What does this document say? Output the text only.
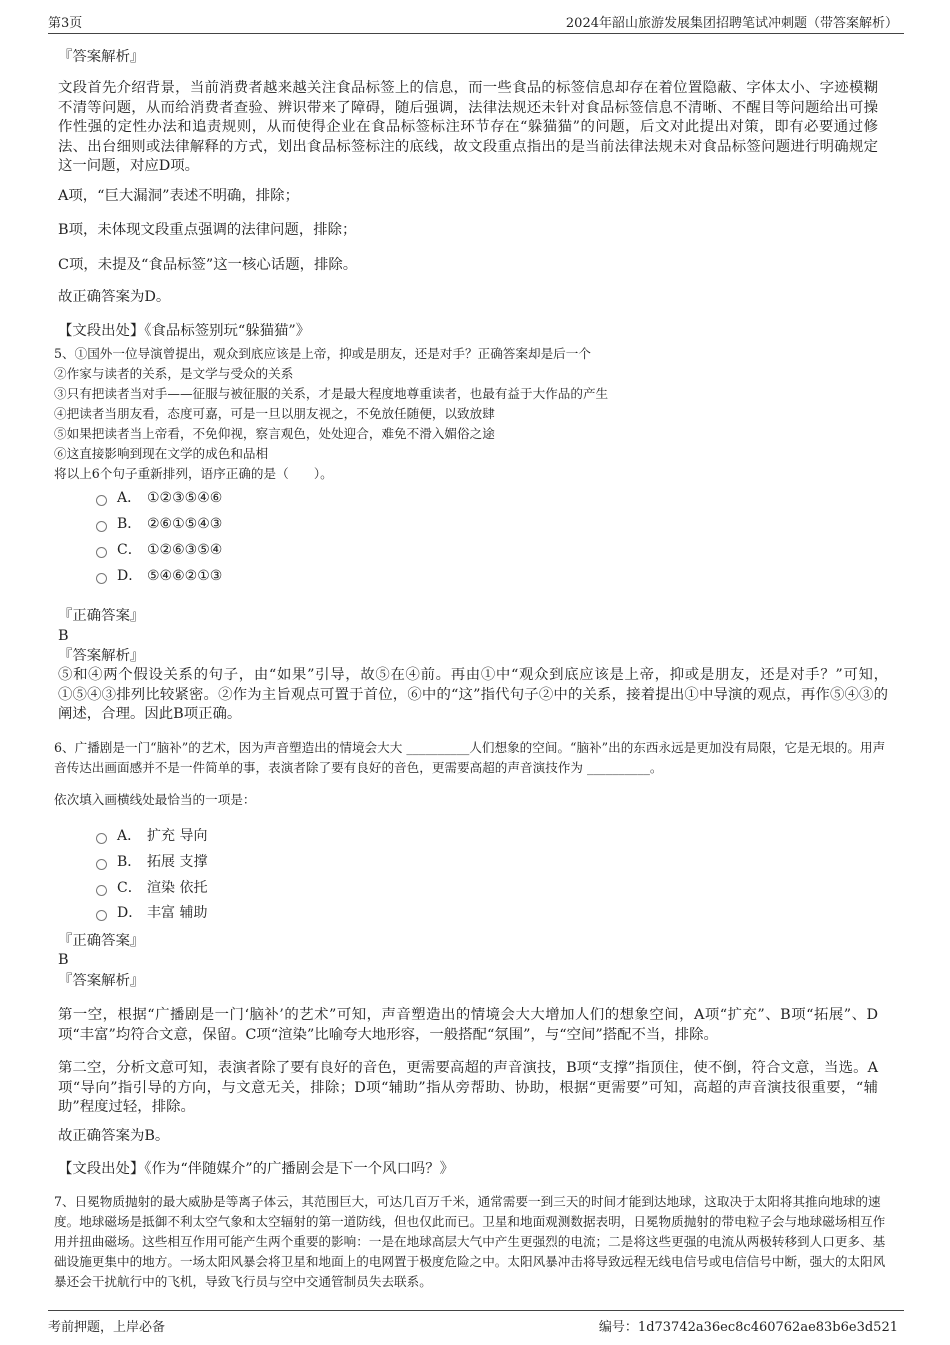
第3页	2024年韶山旅游发展集团招聘笔试冲刺题（带答案解析）

『答案解析』

文段首先介绍背景，当前消费者越来越关注食品标签上的信息，而一些食品的标签信息却存在着位置隐蔽、字体太小、字迹模糊不清等问题，从而给消费者查验、辨识带来了障碍，随后强调，法律法规还未针对食品标签信息不清晰、不醒目等问题给出可操作性强的定性办法和追责规则，从而使得企业在食品标签标注环节存在“躲猫猫”的问题，后文对此提出对策，即有必要通过修法、出台细则或法律解释的方式，划出食品标签标注的底线，故文段重点指出的是当前法律法规未对食品标签问题进行明确规定这一问题，对应D项。

A项，“巨大漏洞”表述不明确，排除；

B项，未体现文段重点强调的法律问题，排除；

C项，未提及“食品标签”这一核心话题，排除。

故正确答案为D。

【文段出处】《食品标签别玩“躲猫猫”》

5、①国外一位导演曾提出，观众到底应该是上帝，抑或是朋友，还是对手？正确答案却是后一个

②作家与读者的关系，是文学与受众的关系

③只有把读者当对手——征服与被征服的关系，才是最大程度地尊重读者，也最有益于大作品的产生

④把读者当朋友看，态度可嘉，可是一旦以朋友视之，不免放任随便，以致放肆

⑤如果把读者当上帝看，不免仰视，察言观色，处处迎合，难免不滑入媚俗之途

⑥这直接影响到现在文学的成色和品相

将以上6个句子重新排列，语序正确的是（　　）。

A． ①②③⑤④⑥
B． ②⑥①⑤④③
C． ①②⑥③⑤④
D． ⑤④⑥②①③

『正确答案』

B

『答案解析』

⑤和④两个假设关系的句子，由“如果”引导，故⑤在④前。再由①中“观众到底应该是上帝，抑或是朋友，还是对手？”可知，①⑤④③排列比较紧密。②作为主旨观点可置于首位，⑥中的“这”指代句子②中的关系，接着提出①中导演的观点，再作⑤④③的阐述，合理。因此B项正确。

6、广播剧是一门“脑补”的艺术，因为声音塑造出的情境会大大 __________人们想象的空间。“脑补”出的东西永远是更加没有局限，它是无垠的。用声音传达出画面感并不是一件简单的事，表演者除了要有良好的音色，更需要高超的声音演技作为 __________。

依次填入画横线处最恰当的一项是：

A． 扩充 导向
B． 拓展 支撑
C． 渲染 依托
D． 丰富 辅助

『正确答案』

B

『答案解析』

第一空，根据“广播剧是一门‘脑补’的艺术”可知，声音塑造出的情境会大大增加人们的想象空间，A项“扩充”、B项“拓展”、D项“丰富”均符合文意，保留。C项“渲染”比喻夸大地形容，一般搭配“氛围”，与“空间”搭配不当，排除。

第二空，分析文意可知，表演者除了要有良好的音色，更需要高超的声音演技，B项“支撑”指顶住，使不倒，符合文意，当选。A项“导向”指引导的方向，与文意无关，排除；D项“辅助”指从旁帮助、协助，根据“更需要”可知，高超的声音演技很重要，“辅助”程度过轻，排除。

故正确答案为B。

【文段出处】《作为“伴随媒介”的广播剧会是下一个风口吗？》

7、日冕物质抛射的最大威胁是等离子体云，其范围巨大，可达几百万千米，通常需要一到三天的时间才能到达地球，这取决于太阳将其推向地球的速度。地球磁场是抵御不利太空气象和太空辐射的第一道防线，但也仅此而已。卫星和地面观测数据表明，日冕物质抛射的带电粒子会与地球磁场相互作用并扭曲磁场。这些相互作用可能产生两个重要的影响：一是在地球高层大气中产生更强烈的电流；二是将这些更强的电流从两极转移到人口更多、基础设施更集中的地方。一场太阳风暴会将卫星和地面上的电网置于极度危险之中。太阳风暴冲击将导致远程无线电信号或电信信号中断，强大的太阳风暴还会干扰航行中的飞机，导致飞行员与空中交通管制员失去联系。

考前押题，上岸必备	编号：1d73742a36ec8c460762ae83b6e3d521
